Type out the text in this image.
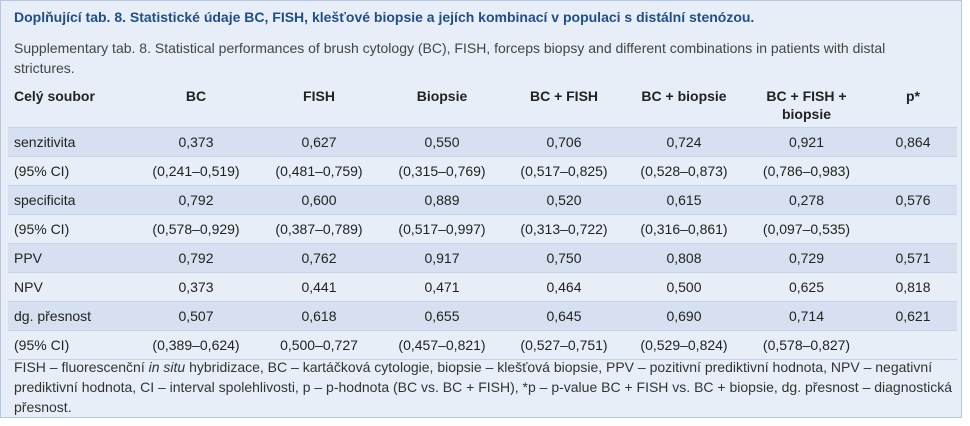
Doplňující tab. 8. Statistické údaje BC, FISH, klešťové biopsie a jejích kombinací v populaci s distální stenózou.
Supplementary tab. 8. Statistical performances of brush cytology (BC), FISH, forceps biopsy and different combinations in patients with distal strictures.
Celý soubor	BC	FISH	Biopsie	BC + FISH	BC + biopsie	BC + FISH + biopsie	p*
senzitivita	0,373	0,627	0,550	0,706	0,724	0,921	0,864
(95% CI)	(0,241–0,519)	(0,481–0,759)	(0,315–0,769)	(0,517–0,825)	(0,528–0,873)	(0,786–0,983)	
specificita	0,792	0,600	0,889	0,520	0,615	0,278	0,576
(95% CI)	(0,578–0,929)	(0,387–0,789)	(0,517–0,997)	(0,313–0,722)	(0,316–0,861)	(0,097–0,535)	
PPV	0,792	0,762	0,917	0,750	0,808	0,729	0,571
NPV	0,373	0,441	0,471	0,464	0,500	0,625	0,818
dg. přesnost	0,507	0,618	0,655	0,645	0,690	0,714	0,621
(95% CI)	(0,389–0,624)	0,500–0,727	(0,457–0,821)	(0,527–0,751)	(0,529–0,824)	(0,578–0,827)	
FISH – fluorescenční in situ hybridizace, BC – kartáčková cytologie, biopsie – klešťová biopsie, PPV – pozitivní prediktivní hodnota, NPV – negativní prediktivní hodnota, CI – interval spolehlivosti, p – p-hodnota (BC vs. BC + FISH), *p – p-value BC + FISH vs. BC + biopsie, dg. přesnost – diagnostická přesnost.
